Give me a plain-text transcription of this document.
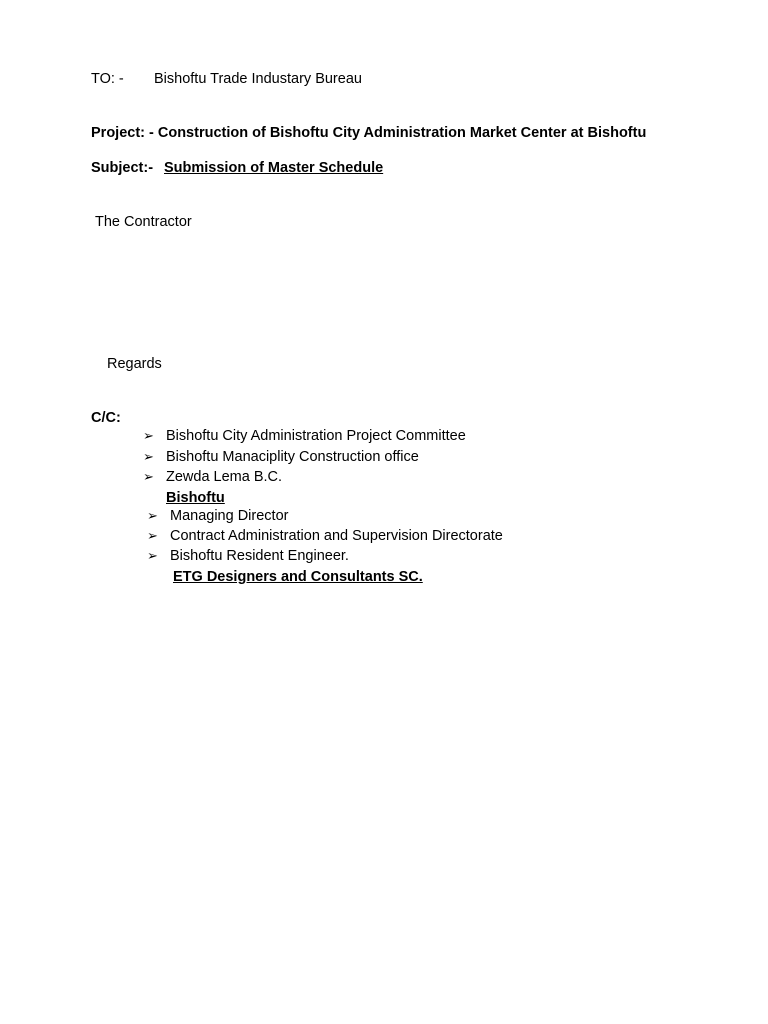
TO: - Bishoftu Trade Industary Bureau
Project: - Construction of Bishoftu City Administration Market Center at Bishoftu
Subject:- Submission of Master Schedule
The Contractor
Regards
C/C:
➢ Bishoftu City Administration Project Committee
➢ Bishoftu Manaciplity Construction office
➢ Zewda Lema B.C.
Bishoftu
➢ Managing Director
➢ Contract Administration and Supervision Directorate
➢ Bishoftu Resident Engineer.
ETG Designers and Consultants SC.
